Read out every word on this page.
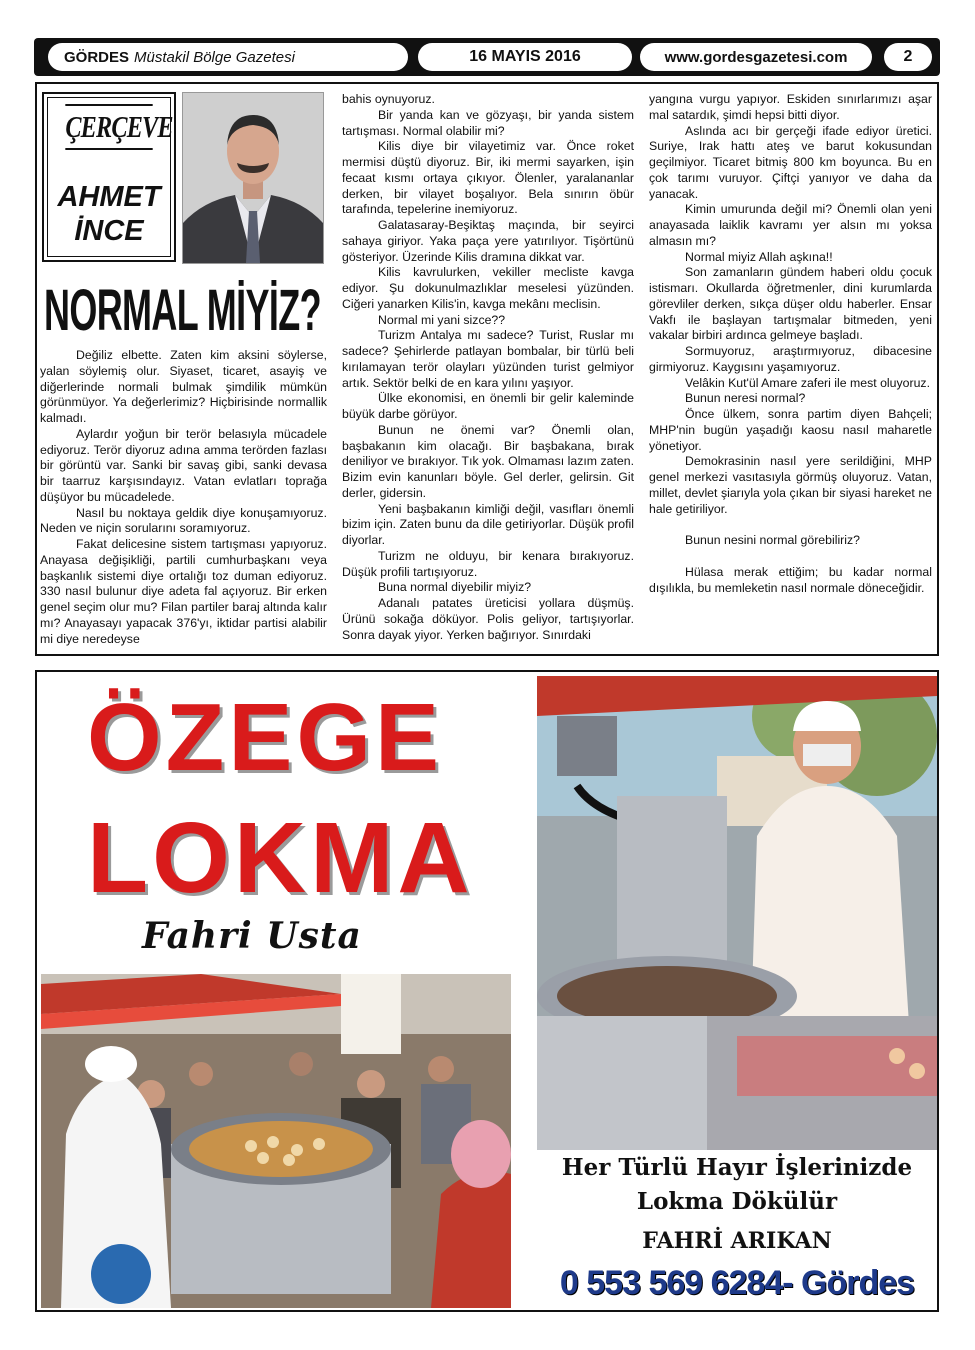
GÖRDES Müstakil Bölge Gazetesi	16 MAYIS 2016	www.gordesgazetesi.com	2
ÇERÇEVE
AHMET
İNCE
NORMAL MİYİZ?

Değiliz elbette. Zaten kim aksini söylerse, yalan söylemiş olur. Siyaset, ticaret, asayiş ve diğerlerinde normali bulmak şimdilik mümkün görünmüyor. Ya değerlerimiz? Hiçbirisinde normallik kalmadı.

Aylardır yoğun bir terör belasıyla mücadele ediyoruz. Terör diyoruz adına amma terörden fazlası bir görüntü var. Sanki bir savaş gibi, sanki devasa bir taarruz karşısındayız. Vatan evlatları toprağa düşüyor bu mücadelede.

Nasıl bu noktaya geldik diye konuşamıyoruz. Neden ve niçin sorularını soramıyoruz.

Fakat delicesine sistem tartışması yapıyoruz. Anayasa değişikliği, partili cumhurbaşkanı veya başkanlık sistemi diye ortalığı toz duman ediyoruz. 330 nasıl bulunur diye adeta fal açıyoruz. Bir erken genel seçim olur mu? Filan partiler baraj altında kalır mı? Anayasayı yapacak 376'yı, iktidar partisi alabilir mi diye neredeyse

bahis oynuyoruz.

Bir yanda kan ve gözyaşı, bir yanda sistem tartışması. Normal olabilir mi?

Kilis diye bir vilayetimiz var. Önce roket mermisi düştü diyoruz. Bir, iki mermi sayarken, işin fecaat kısmı ortaya çıkıyor. Ölenler, yaralananlar derken, bir vilayet boşalıyor. Bela sınırın öbür tarafında, tepelerine inemiyoruz.

Galatasaray-Beşiktaş maçında, bir seyirci sahaya giriyor. Yaka paça yere yatırılıyor. Tişörtünü gösteriyor. Üzerinde Kilis dramına dikkat var.

Kilis kavrulurken, vekiller mecliste kavga ediyor. Şu dokunulmazlıklar meselesi yüzünden. Ciğeri yanarken Kilis'in, kavga mekânı meclisin.

Normal mi yani sizce??

Turizm Antalya mı sadece? Turist, Ruslar mı sadece? Şehirlerde patlayan bombalar, bir türlü beli kırılamayan terör olayları yüzünden turist gelmiyor artık. Sektör belki de en kara yılını yaşıyor.

Ülke ekonomisi, en önemli bir gelir kaleminde büyük darbe görüyor.

Bunun ne önemi var? Önemli olan, başbakanın kim olacağı. Bir başbakana, bırak deniliyor ve bırakıyor. Tık yok. Olmaması lazım zaten. Bizim evin kanunları böyle. Gel derler, gelirsin. Git derler, gidersin.

Yeni başbakanın kimliği değil, vasıfları önemli bizim için. Zaten bunu da dile getiriyorlar. Düşük profil diyorlar.

Turizm ne olduyu, bir kenara bırakıyoruz. Düşük profili tartışıyoruz.

Buna normal diyebilir miyiz?

Adanalı patates üreticisi yollara düşmüş. Ürünü sokağa döküyor. Polis geliyor, tartışıyorlar. Sonra dayak yiyor. Yerken bağırıyor. Sınırdaki

yangına vurgu yapıyor. Eskiden sınırlarımızı aşar mal satardık, şimdi hepsi bitti diyor.

Aslında acı bir gerçeği ifade ediyor üretici. Suriye, Irak hattı ateş ve barut kokusundan geçilmiyor. Ticaret bitmiş 800 km boyunca. Bu en çok tarımı vuruyor. Çiftçi yanıyor ve daha da yanacak.

Kimin umurunda değil mi? Önemli olan yeni anayasada laiklik kavramı yer alsın mı yoksa almasın mı?

Normal miyiz Allah aşkına!!

Son zamanların gündem haberi oldu çocuk istismarı. Okullarda öğretmenler, dini kurumlarda görevliler derken, sıkça düşer oldu haberler. Ensar Vakfı ile başlayan tartışmalar bitmeden, yeni vakalar birbiri ardınca gelmeye başladı.

Sormuyoruz, araştırmıyoruz, dibacesine girmiyoruz. Kaygısını yaşamıyoruz.

Velâkin Kut'ül Amare zaferi ile mest oluyoruz.

Bunun neresi normal?

Önce ülkem, sonra partim diyen Bahçeli; MHP'nin bugün yaşadığı kaosu nasıl maharetle yönetiyor.

Demokrasinin nasıl yere serildiğini, MHP genel merkezi vasıtasıyla görmüş oluyoruz. Vatan, millet, devlet şiarıyla yola çıkan bir siyasi hareket ne hale getiriliyor.

Bunun nesini normal görebiliriz?

Hülasa merak ettiğim; bu kadar normal dışılıkla, bu memleketin nasıl normale döneceğidir.

ÖZEGE
LOKMA
Fahri Usta
Her Türlü Hayır İşlerinizde
Lokma Dökülür
FAHRİ ARIKAN
0 553 569 6284- Gördes
